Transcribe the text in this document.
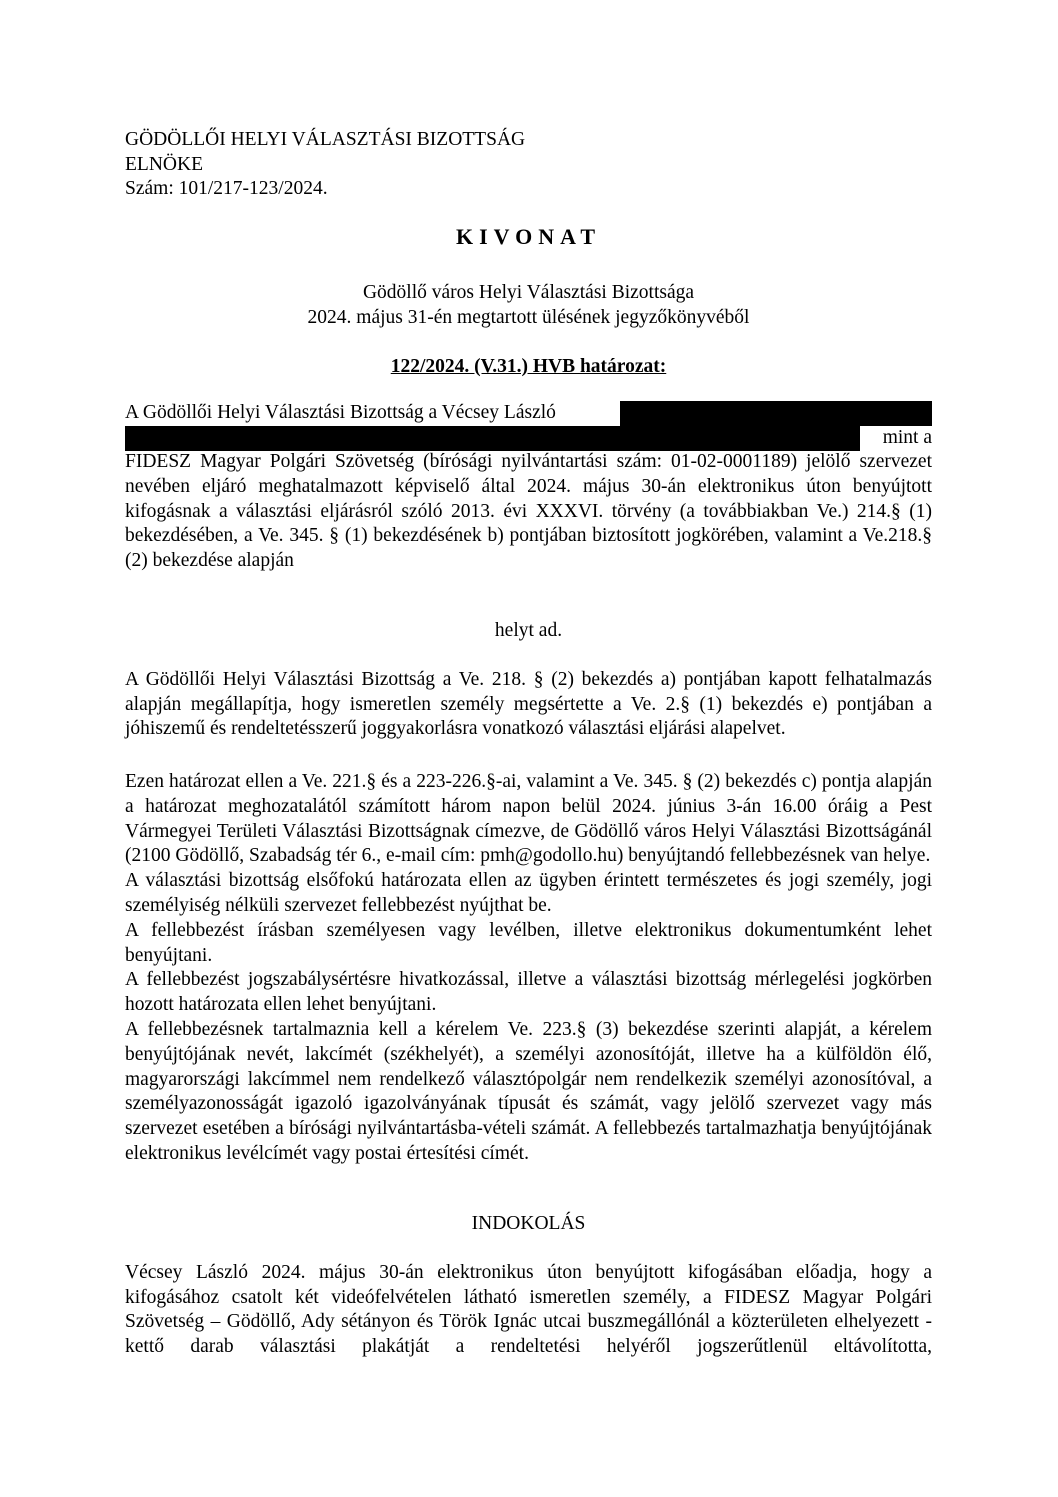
GÖDÖLLŐI HELYI VÁLASZTÁSI BIZOTTSÁG

ELNÖKE

Szám: 101/217-123/2024.

KIVONAT

Gödöllő város Helyi Választási Bizottsága

2024. május 31-én megtartott ülésének jegyzőkönyvéből

122/2024. (V.31.) HVB határozat:
A Gödöllői Helyi Választási Bizottság a Vécsey László
mint a

FIDESZ Magyar Polgári Szövetség (bírósági nyilvántartási szám: 01-02-0001189) jelölő szervezet nevében eljáró meghatalmazott képviselő által 2024. május 30-án elektronikus úton benyújtott kifogásnak a választási eljárásról szóló 2013. évi XXXVI. törvény (a továbbiakban Ve.) 214.§ (1) bekezdésében, a Ve. 345. § (1) bekezdésének b) pontjában biztosított jogkörében, valamint a Ve.218.§ (2) bekezdése alapján

helyt ad.
A Gödöllői Helyi Választási Bizottság a Ve. 218. § (2) bekezdés a) pontjában kapott felhatalmazás alapján megállapítja, hogy ismeretlen személy megsértette a Ve. 2.§ (1) bekezdés e) pontjában a jóhiszemű és rendeltetésszerű joggyakorlásra vonatkozó választási eljárási alapelvet.

Ezen határozat ellen a Ve. 221.§ és a 223-226.§-ai, valamint a Ve. 345. § (2) bekezdés c) pontja alapján a határozat meghozatalától számított három napon belül 2024. június 3-án 16.00 óráig a Pest Vármegyei Területi Választási Bizottságnak címezve, de Gödöllő város Helyi Választási Bizottságánál (2100 Gödöllő, Szabadság tér 6., e-mail cím: pmh@godollo.hu) benyújtandó fellebbezésnek van helye.

A választási bizottság elsőfokú határozata ellen az ügyben érintett természetes és jogi személy, jogi személyiség nélküli szervezet fellebbezést nyújthat be.

A fellebbezést írásban személyesen vagy levélben, illetve elektronikus dokumentumként lehet benyújtani.

A fellebbezést jogszabálysértésre hivatkozással, illetve a választási bizottság mérlegelési jogkörben hozott határozata ellen lehet benyújtani.

A fellebbezésnek tartalmaznia kell a kérelem Ve. 223.§ (3) bekezdése szerinti alapját, a kérelem benyújtójának nevét, lakcímét (székhelyét), a személyi azonosítóját, illetve ha a külföldön élő, magyarországi lakcímmel nem rendelkező választópolgár nem rendelkezik személyi azonosítóval, a személyazonosságát igazoló igazolványának típusát és számát, vagy jelölő szervezet vagy más szervezet esetében a bírósági nyilvántartásba-vételi számát. A fellebbezés tartalmazhatja benyújtójának elektronikus levélcímét vagy postai értesítési címét.

INDOKOLÁS
Vécsey László 2024. május 30-án elektronikus úton benyújtott kifogásában előadja, hogy a kifogásához csatolt két videófelvételen látható ismeretlen személy, a FIDESZ Magyar Polgári Szövetség – Gödöllő, Ady sétányon és Török Ignác utcai buszmegállónál a közterületen elhelyezett - kettő darab választási plakátját a rendeltetési helyéről jogszerűtlenül eltávolította,
